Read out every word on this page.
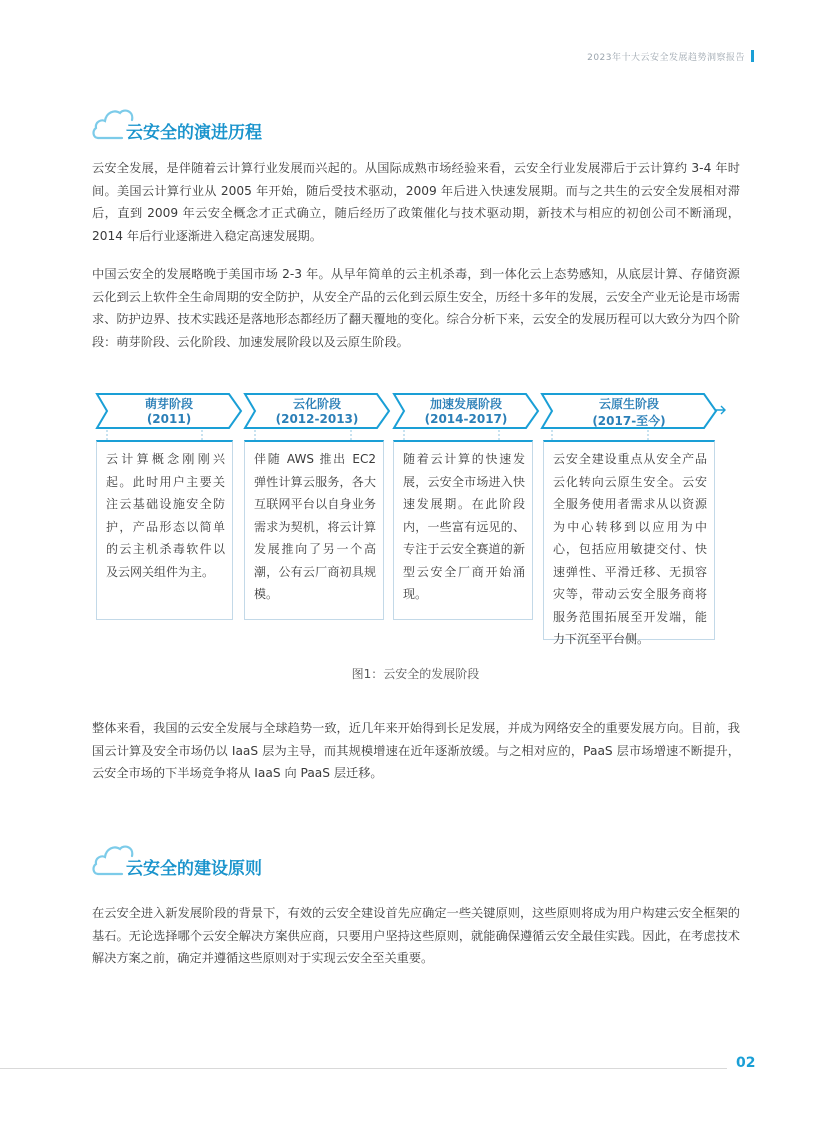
2023年十大云安全发展趋势洞察报告
云安全的演进历程

云安全发展，是伴随着云计算行业发展而兴起的。从国际成熟市场经验来看，云安全行业发展滞后于云计算约 3-4 年时间。美国云计算行业从 2005 年开始，随后受技术驱动，2009 年后进入快速发展期。而与之共生的云安全发展相对滞后，直到 2009 年云安全概念才正式确立，随后经历了政策催化与技术驱动期，新技术与相应的初创公司不断涌现，2014 年后行业逐渐进入稳定高速发展期。

中国云安全的发展略晚于美国市场 2-3 年。从早年简单的云主机杀毒，到一体化云上态势感知，从底层计算、存储资源云化到云上软件全生命周期的安全防护，从安全产品的云化到云原生安全，历经十多年的发展，云安全产业无论是市场需求、防护边界、技术实践还是落地形态都经历了翻天覆地的变化。综合分析下来，云安全的发展历程可以大致分为四个阶段：萌芽阶段、云化阶段、加速发展阶段以及云原生阶段。

萌芽阶段
(2011)
云化阶段
(2012-2013)
加速发展阶段
(2014-2017)
云原生阶段
(2017-至今)
云计算概念刚刚兴起。此时用户主要关注云基础设施安全防护，产品形态以简单的云主机杀毒软件以及云网关组件为主。
伴随 AWS 推出 EC2 弹性计算云服务，各大互联网平台以自身业务需求为契机，将云计算发展推向了另一个高潮，公有云厂商初具规模。
随着云计算的快速发展，云安全市场进入快速发展期。在此阶段内，一些富有远见的、专注于云安全赛道的新型云安全厂商开始涌现。
云安全建设重点从安全产品云化转向云原生安全。云安全服务使用者需求从以资源为中心转移到以应用为中心，包括应用敏捷交付、快速弹性、平滑迁移、无损容灾等，带动云安全服务商将服务范围拓展至开发端，能力下沉至平台侧。
图1：云安全的发展阶段

整体来看，我国的云安全发展与全球趋势一致，近几年来开始得到长足发展，并成为网络安全的重要发展方向。目前，我国云计算及安全市场仍以 IaaS 层为主导，而其规模增速在近年逐渐放缓。与之相对应的，PaaS 层市场增速不断提升，云安全市场的下半场竞争将从 IaaS 向 PaaS 层迁移。

云安全的建设原则

在云安全进入新发展阶段的背景下，有效的云安全建设首先应确定一些关键原则，这些原则将成为用户构建云安全框架的基石。无论选择哪个云安全解决方案供应商，只要用户坚持这些原则，就能确保遵循云安全最佳实践。因此，在考虑技术解决方案之前，确定并遵循这些原则对于实现云安全至关重要。

02
